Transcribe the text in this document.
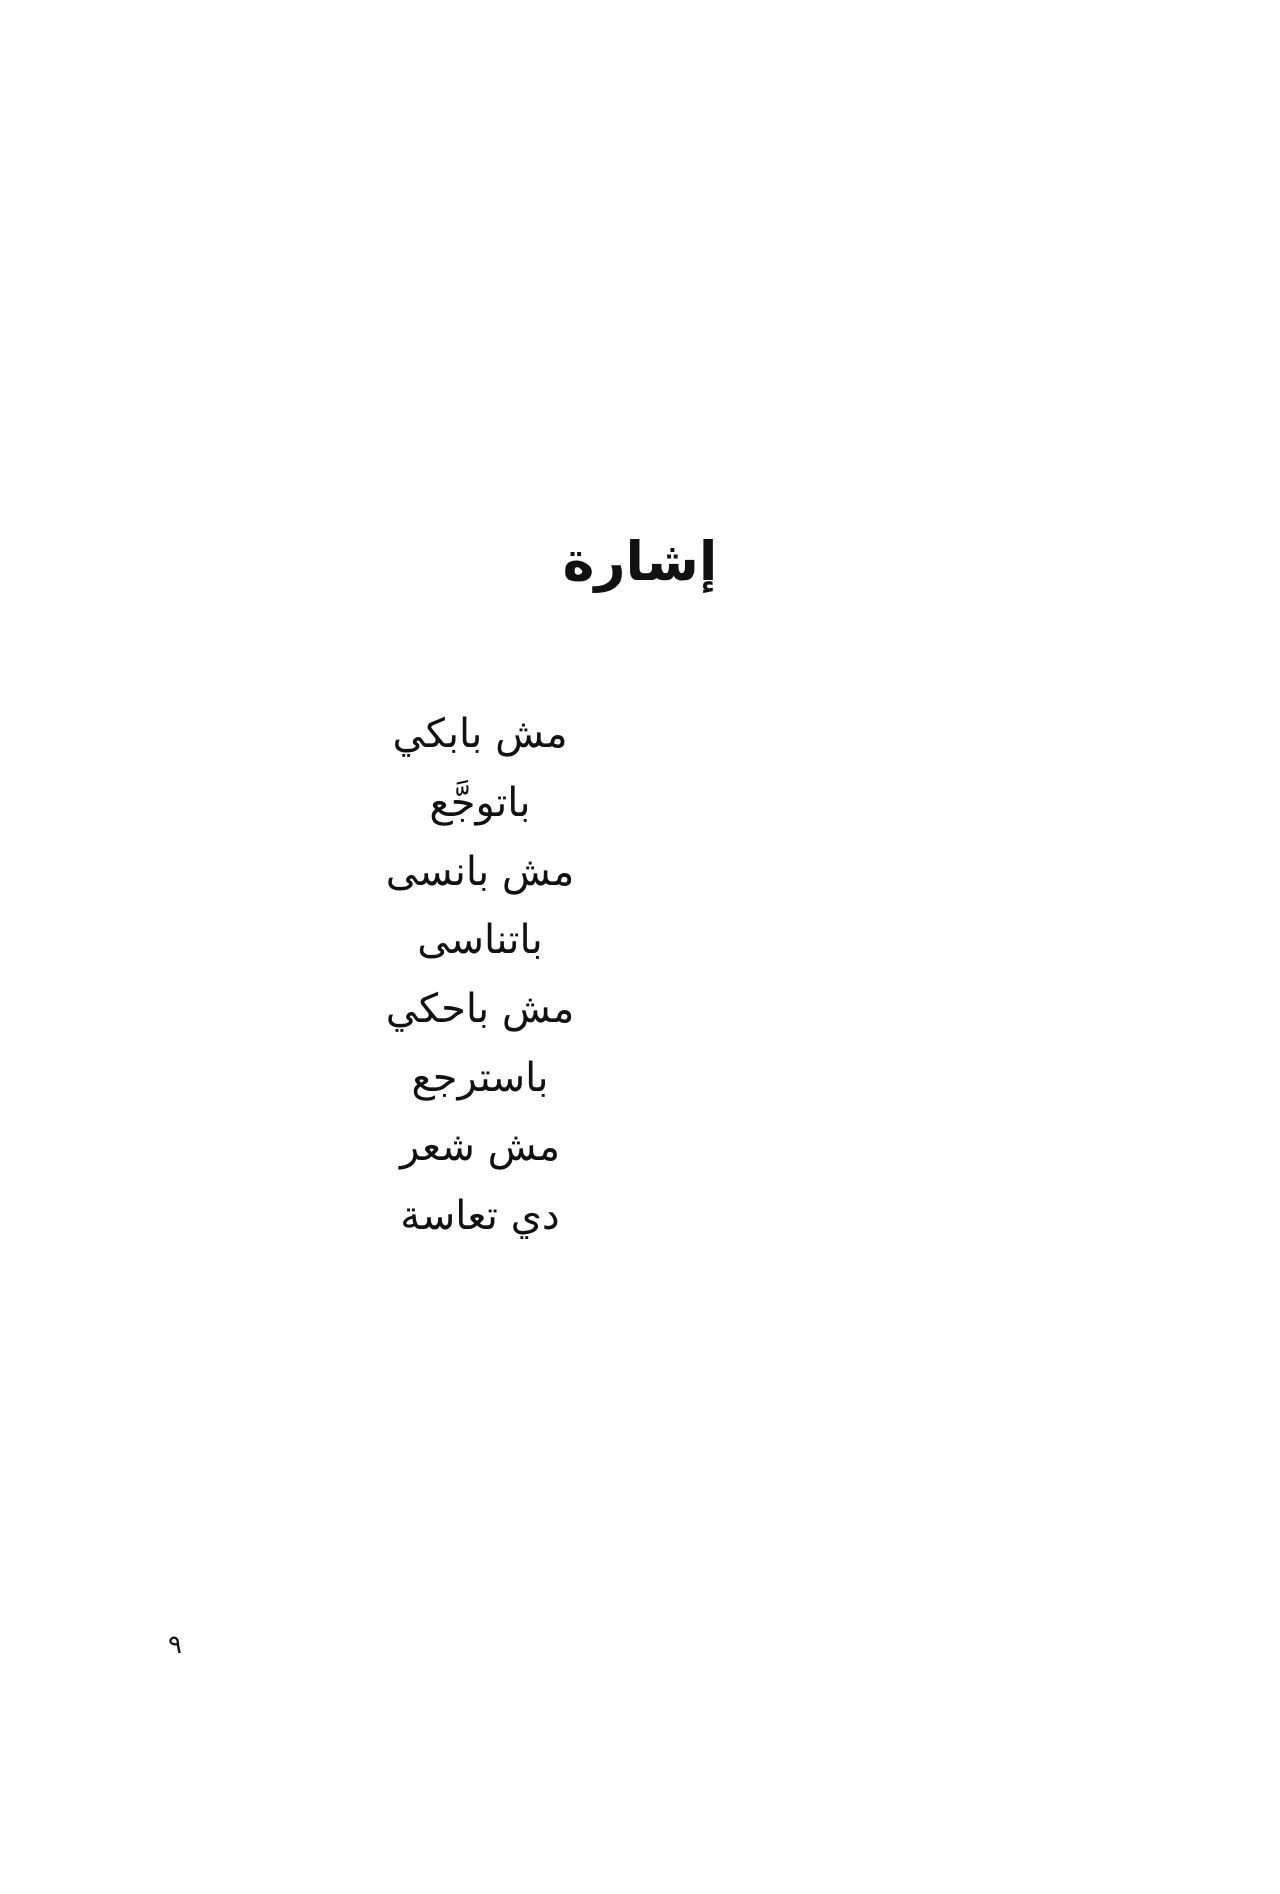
إشارة
مش بابكي
باتوجَّع
مش بانسى
باتناسى
مش باحكي
باسترجع
مش شعر
دي تعاسة
٩
